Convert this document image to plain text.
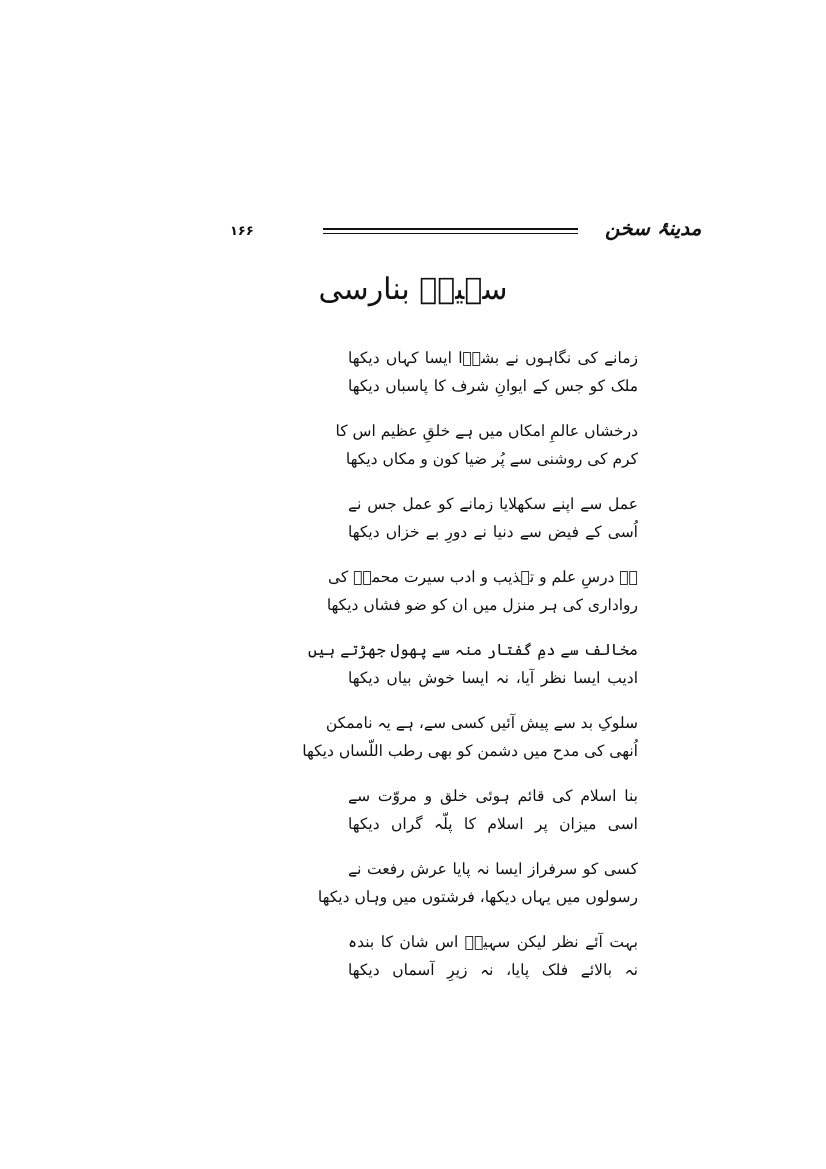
۱۶۶	مدینۂ سخن
سہیلؔ بنارسی
زمانے کی نگاہوں نے بشرؔا ایسا کہاں دیکھا
ملک کو جس کے ایوانِ شرف کا پاسباں دیکھا
درخشاں عالمِ امکاں میں ہے خلقِ عظیم اس کا
کرم کی روشنی سے پُر ضیا کون و مکاں دیکھا
عمل سے اپنے سکھلایا زمانے کو عمل جس نے
اُسی کے فیض سے دنیا نے دورِ بے خزاں دیکھا
ہے درسِ علم و تہذیب و ادب سیرت محمدؐ کی
رواداری کی ہر منزل میں ان کو ضو فشاں دیکھا
مخالف سے دمِ گفتار منہ سے پھول جھڑتے ہیں
ادیب ایسا نظر آیا، نہ ایسا خوش بیاں دیکھا
سلوکِ بد سے پیش آئیں کسی سے، ہے یہ ناممکن
اُنھی کی مدح میں دشمن کو بھی رطب اللّساں دیکھا
بنا اسلام کی قائم ہوئی خلق و مروّت سے
اسی میزان پر اسلام کا پلّہ گراں دیکھا
کسی کو سرفراز ایسا نہ پایا عرش رفعت نے
رسولوں میں یہاں دیکھا، فرشتوں میں وہاں دیکھا
بہت آئے نظر لیکن سہیلؔ اس شان کا بندہ
نہ بالائے فلک پایا، نہ زیرِ آسماں دیکھا
